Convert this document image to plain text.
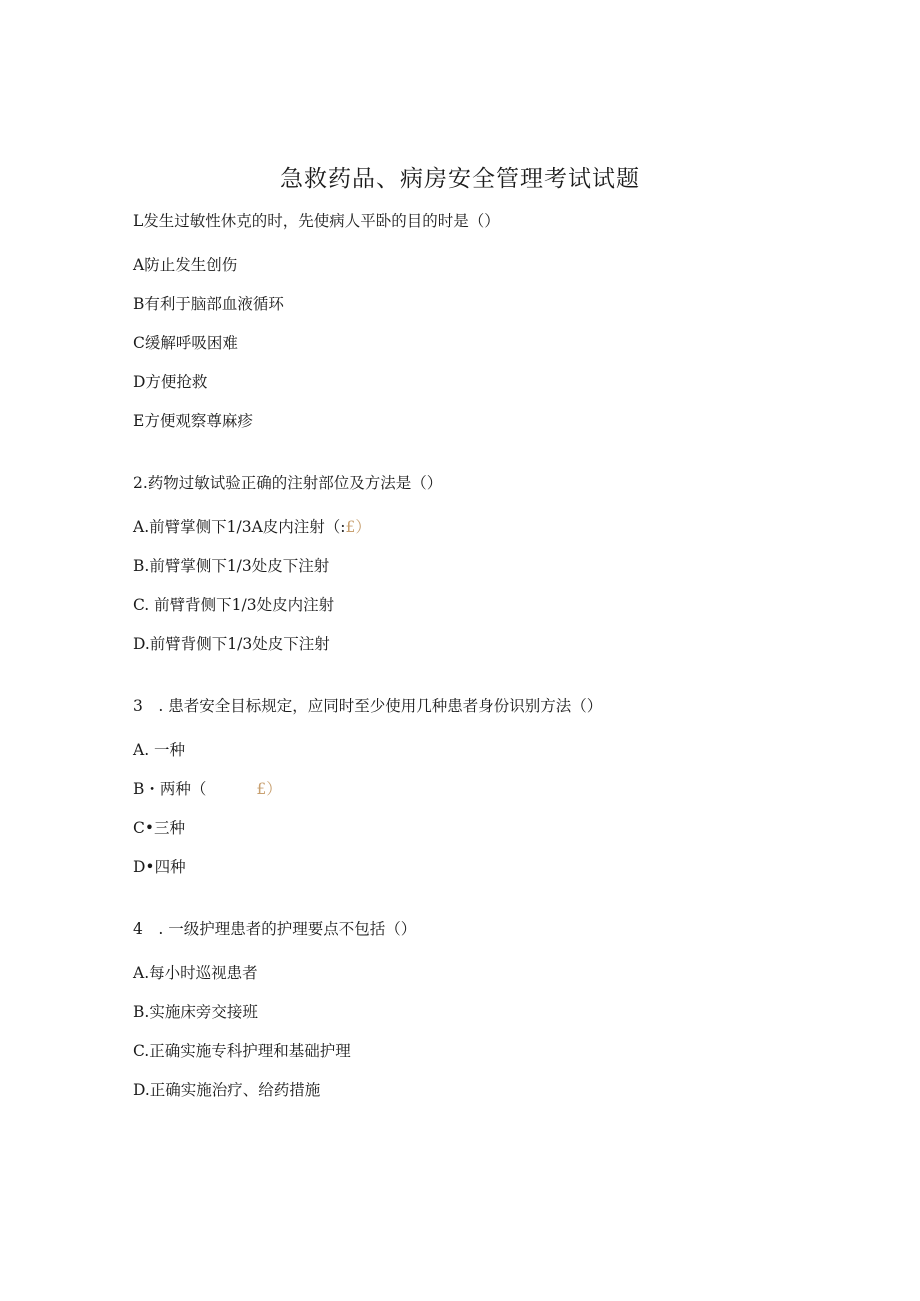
急救药品、病房安全管理考试试题

L发生过敏性休克的时，先使病人平卧的目的时是（）

A防止发生创伤

B有利于脑部血液循环

C缓解呼吸困难

D方便抢救

E方便观察尊麻疹

2.药物过敏试验正确的注射部位及方法是（）

A.前臂掌侧下1/3A皮内注射（:£）

B.前臂掌侧下1/3处皮下注射

C. 前臂背侧下1/3处皮内注射

D.前臂背侧下1/3处皮下注射

3　. 患者安全目标规定，应同时至少使用几种患者身份识别方法（）

A. 一种

B・两种（	£）

C•三种

D•四种

4　. 一级护理患者的护理要点不包括（）

A.每小时巡视患者

B.实施床旁交接班

C.正确实施专科护理和基础护理

D.正确实施治疗、给药措施
